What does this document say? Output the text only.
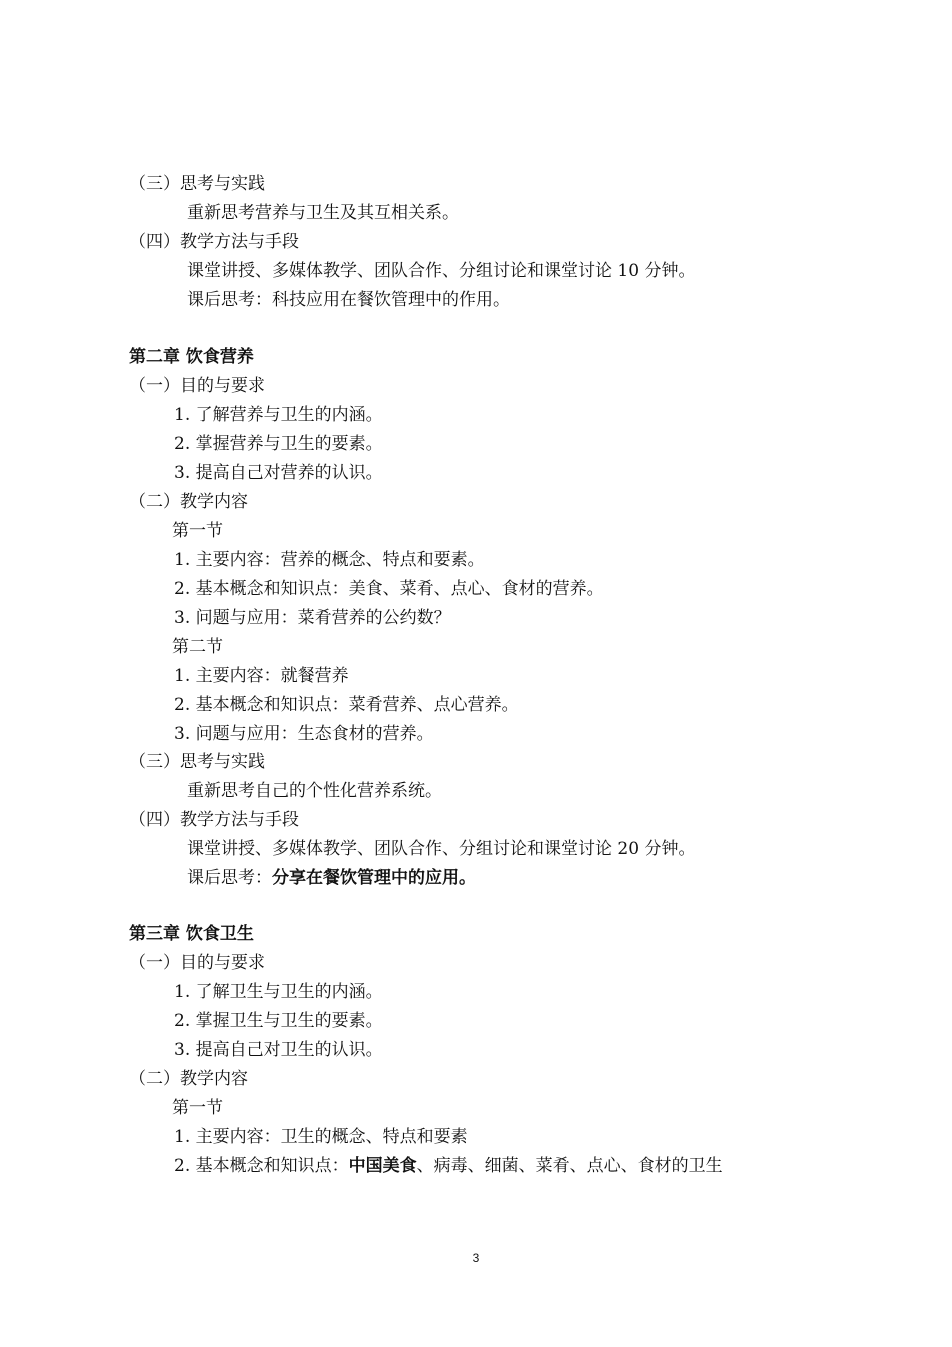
（三）思考与实践
重新思考营养与卫生及其互相关系。
（四）教学方法与手段
课堂讲授、多媒体教学、团队合作、分组讨论和课堂讨论 10 分钟。
课后思考：科技应用在餐饮管理中的作用。
第二章 饮食营养
（一）目的与要求
1. 了解营养与卫生的内涵。
2. 掌握营养与卫生的要素。
3. 提高自己对营养的认识。
（二）教学内容
第一节
1. 主要内容：营养的概念、特点和要素。
2. 基本概念和知识点：美食、菜肴、点心、食材的营养。
3. 问题与应用：菜肴营养的公约数？
第二节
1. 主要内容：就餐营养
2. 基本概念和知识点：菜肴营养、点心营养。
3. 问题与应用：生态食材的营养。
（三）思考与实践
重新思考自己的个性化营养系统。
（四）教学方法与手段
课堂讲授、多媒体教学、团队合作、分组讨论和课堂讨论 20 分钟。
课后思考：分享在餐饮管理中的应用。
第三章 饮食卫生
（一）目的与要求
1. 了解卫生与卫生的内涵。
2. 掌握卫生与卫生的要素。
3. 提高自己对卫生的认识。
（二）教学内容
第一节
1. 主要内容：卫生的概念、特点和要素
2. 基本概念和知识点：中国美食、病毒、细菌、菜肴、点心、食材的卫生
3
